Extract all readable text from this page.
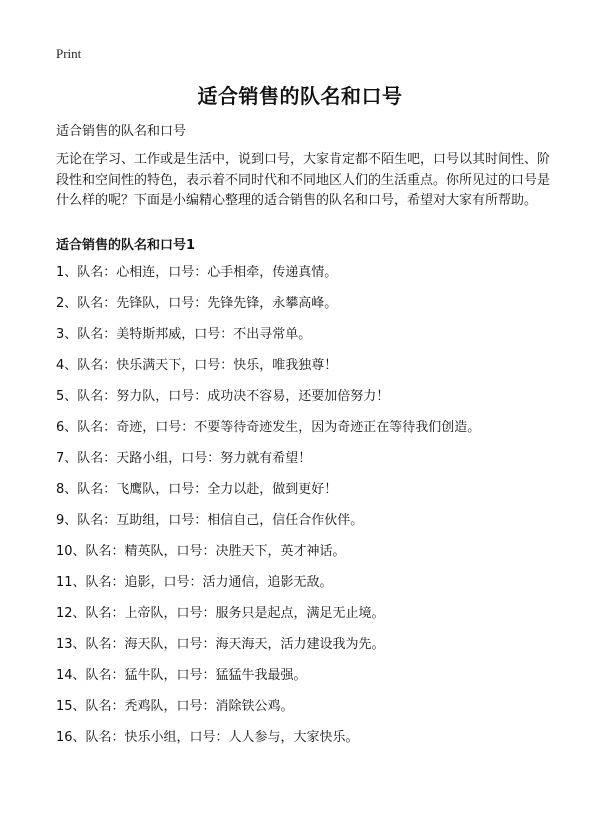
Print
适合销售的队名和口号

适合销售的队名和口号

无论在学习、工作或是生活中，说到口号，大家肯定都不陌生吧，口号以其时间性、阶段性和空间性的特色，表示着不同时代和不同地区人们的生活重点。你所见过的口号是什么样的呢？下面是小编精心整理的适合销售的队名和口号，希望对大家有所帮助。

适合销售的队名和口号1
1、队名：心相连，口号：心手相牵，传递真情。
2、队名：先锋队，口号：先锋先锋，永攀高峰。
3、队名：美特斯邦威，口号：不出寻常单。
4、队名：快乐满天下，口号：快乐，唯我独尊！
5、队名：努力队，口号：成功决不容易，还要加倍努力！
6、队名：奇迹，口号：不要等待奇迹发生，因为奇迹正在等待我们创造。
7、队名：天路小组，口号：努力就有希望！
8、队名：飞鹰队，口号：全力以赴，做到更好！
9、队名：互助组，口号：相信自己，信任合作伙伴。
10、队名：精英队，口号：决胜天下，英才神话。
11、队名：追影，口号：活力通信，追影无敌。
12、队名：上帝队，口号：服务只是起点，满足无止境。
13、队名：海天队，口号：海天海天，活力建设我为先。
14、队名：猛牛队，口号：猛猛牛我最强。
15、队名：秃鸡队，口号：消除铁公鸡。
16、队名：快乐小组，口号：人人参与，大家快乐。
